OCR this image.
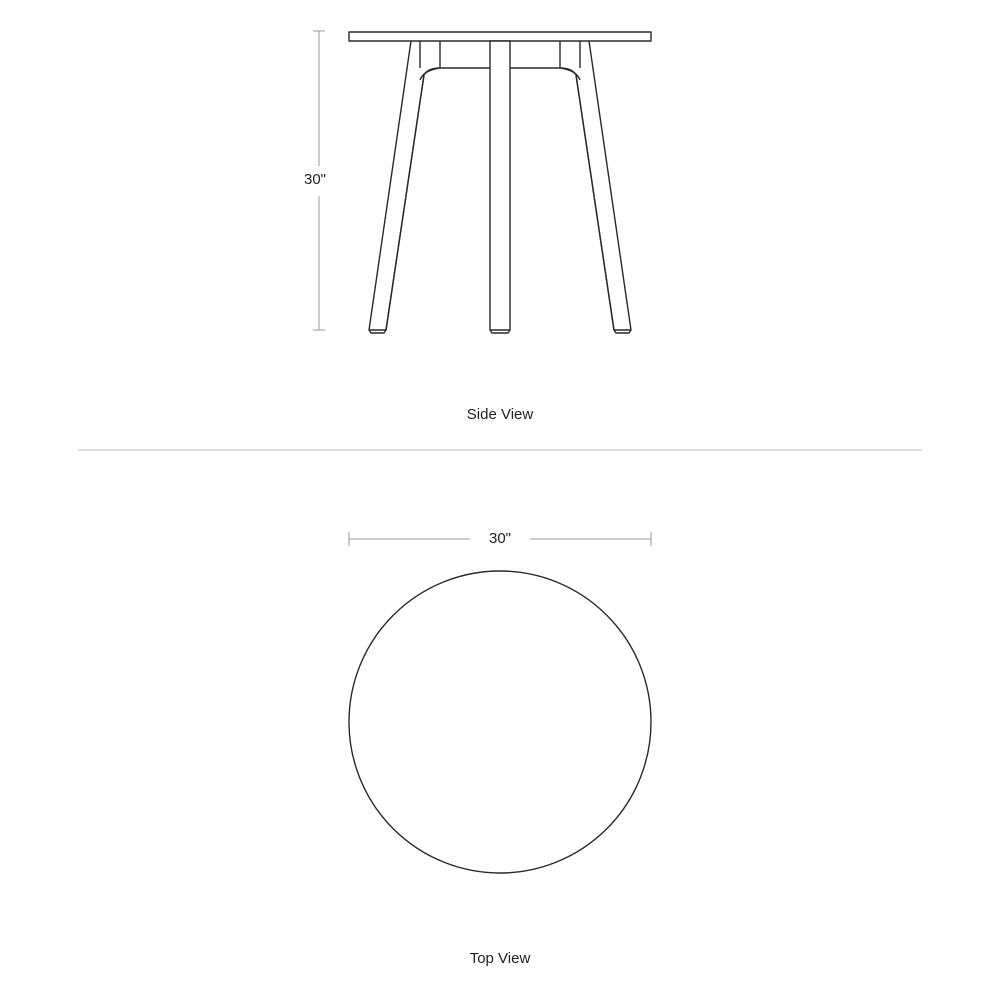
30"
Side View
30"
Top View
